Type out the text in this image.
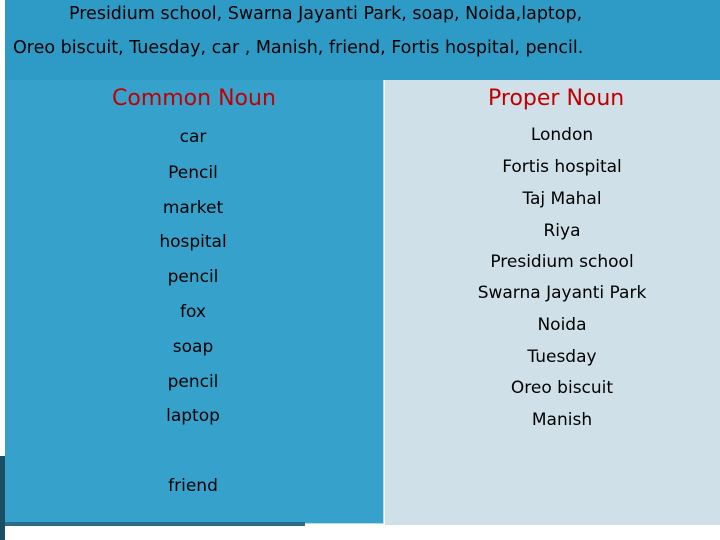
Presidium school, Swarna Jayanti Park, soap, Noida,laptop,
Oreo biscuit, Tuesday, car , Manish, friend, Fortis hospital, pencil.
Common Noun
car
Pencil
market
hospital
pencil
fox
soap
pencil
laptop
friend
Proper Noun
London
Fortis hospital
Taj Mahal
Riya
Presidium school
Swarna Jayanti Park
Noida
Tuesday
Oreo biscuit
Manish
